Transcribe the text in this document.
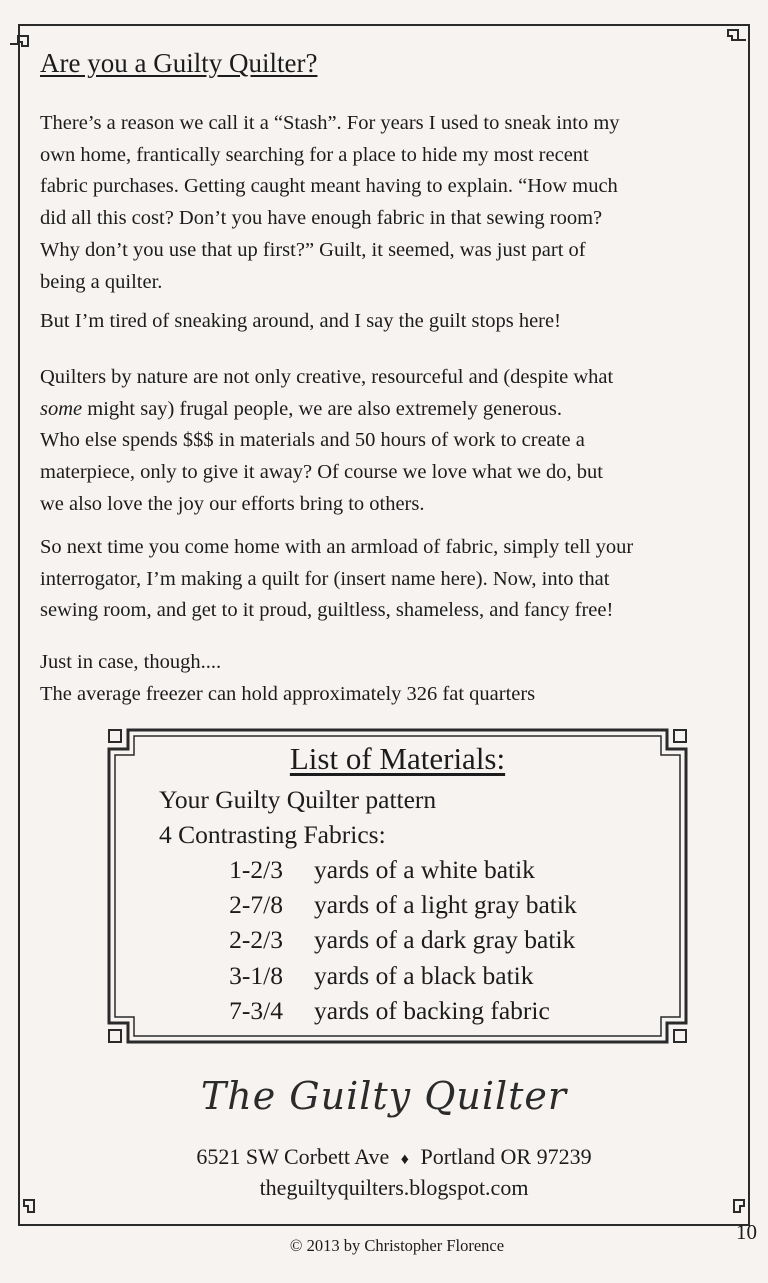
Are you a Guilty Quilter?

There’s a reason we call it a “Stash”. For years I used to sneak into my
own home, frantically searching for a place to hide my most recent
fabric purchases. Getting caught meant having to explain. “How much
did all this cost? Don’t you have enough fabric in that sewing room?
Why don’t you use that up first?” Guilt, it seemed, was just part of
being a quilter.

But I’m tired of sneaking around, and I say the guilt stops here!

Quilters by nature are not only creative, resourceful and (despite what
some might say) frugal people, we are also extremely generous.
Who else spends $$$ in materials and 50 hours of work to create a
materpiece, only to give it away? Of course we love what we do, but
we also love the joy our efforts bring to others.

So next time you come home with an armload of fabric, simply tell your
interrogator, I’m making a quilt for (insert name here). Now, into that
sewing room, and get to it proud, guiltless, shameless, and fancy free!

Just in case, though....
The average freezer can hold approximately 326 fat quarters

List of Materials:
Your Guilty Quilter pattern
4 Contrasting Fabrics:
1-2/3 yards of a white batik
2-7/8 yards of a light gray batik
2-2/3 yards of a dark gray batik
3-1/8 yards of a black batik
7-3/4 yards of backing fabric
The Guilty Quilter
6521 SW Corbett Ave ♦ Portland OR 97239
theguiltyquilters.blogspot.com
© 2013 by Christopher Florence
10
